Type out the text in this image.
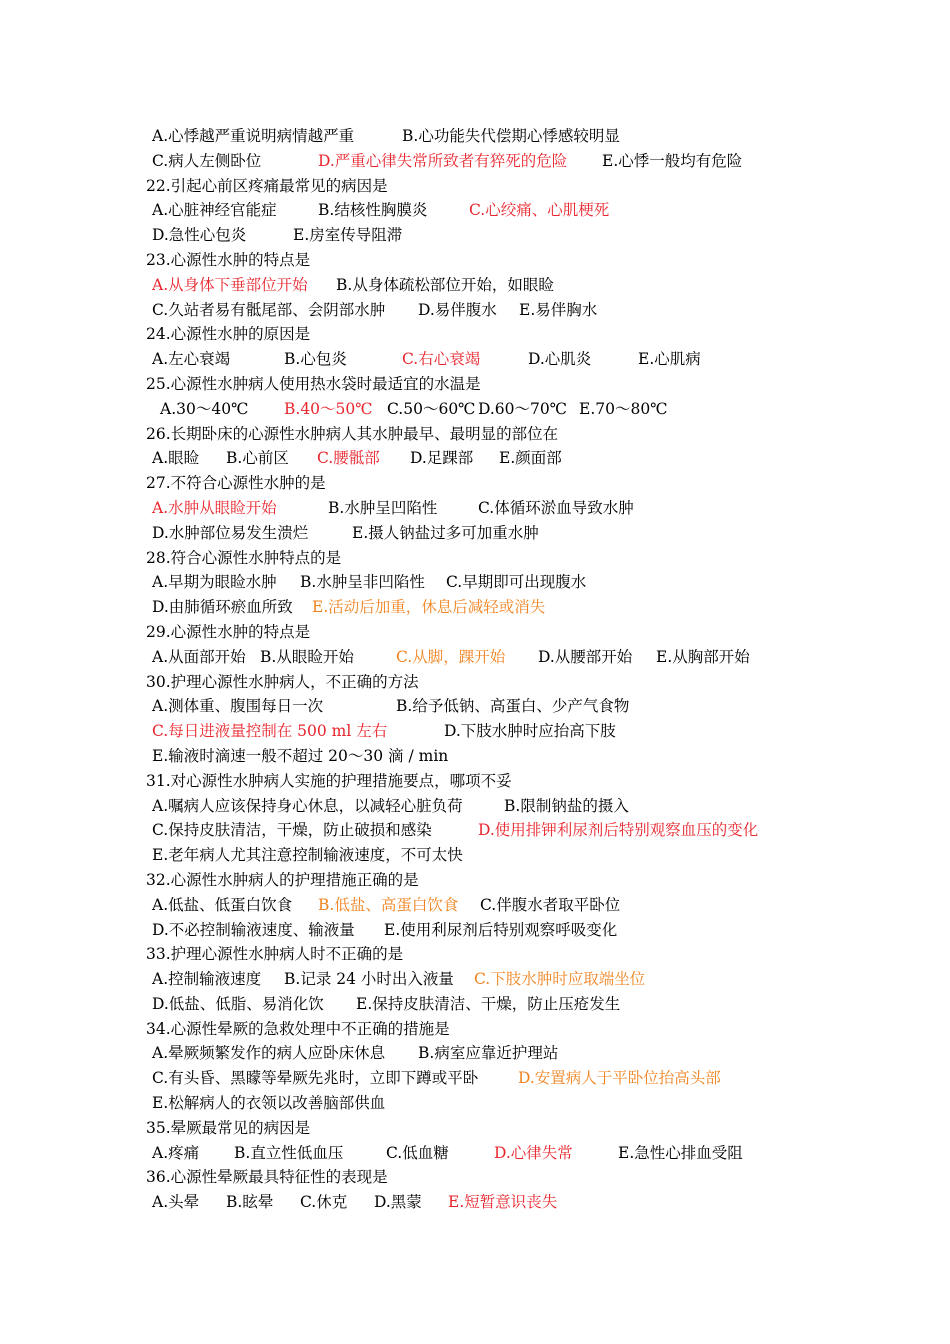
A.心悸越严重说明病情越严重	B.心功能失代偿期心悸感较明显
C.病人左侧卧位	D.严重心律失常所致者有猝死的危险 E.心悸一般均有危险
22.引起心前区疼痛最常见的病因是
A.心脏神经官能症	B.结核性胸膜炎	C.心绞痛、心肌梗死
D.急性心包炎	E.房室传导阻滞
23.心源性水肿的特点是
A.从身体下垂部位开始 B.从身体疏松部位开始，如眼睑
C.久站者易有骶尾部、会阴部水肿 D.易伴腹水 E.易伴胸水
24.心源性水肿的原因是
A.左心衰竭	B.心包炎	C.右心衰竭	D.心肌炎	E.心肌病
25.心源性水肿病人使用热水袋时最适宜的水温是
A.30～40℃ B.40～50℃ C.50～60℃ D.60～70℃ E.70～80℃
26.长期卧床的心源性水肿病人其水肿最早、最明显的部位在
A.眼睑 B.心前区 C.腰骶部 D.足踝部 E.颜面部
27.不符合心源性水肿的是
A.水肿从眼睑开始	B.水肿呈凹陷性	C.体循环淤血导致水肿
D.水肿部位易发生溃烂	E.摄人钠盐过多可加重水肿
28.符合心源性水肿特点的是
A.早期为眼睑水肿 B.水肿呈非凹陷性 C.早期即可出现腹水
D.由肺循环瘀血所致 E.活动后加重，休息后减轻或消失
29.心源性水肿的特点是
A.从面部开始 B.从眼睑开始	C.从脚，踝开始 D.从腰部开始 E.从胸部开始
30.护理心源性水肿病人，不正确的方法
A.测体重、腹围每日一次	B.给予低钠、高蛋白、少产气食物
C.每日进液量控制在 500 ml 左右	D.下肢水肿时应抬高下肢
E.输液时滴速一般不超过 20～30 滴 / min
31.对心源性水肿病人实施的护理措施要点，哪项不妥
A.嘱病人应该保持身心休息，以减轻心脏负荷	B.限制钠盐的摄入
C.保持皮肤清洁，干燥，防止破损和感染	D.使用排钾利尿剂后特别观察血压的变化
E.老年病人尤其注意控制输液速度，不可太快
32.心源性水肿病人的护理措施正确的是
A.低盐、低蛋白饮食 B.低盐、高蛋白饮食 C.伴腹水者取平卧位
D.不必控制输液速度、输液量 E.使用利尿剂后特别观察呼吸变化
33.护理心源性水肿病人时不正确的是
A.控制输液速度 B.记录 24 小时出入液量 C.下肢水肿时应取端坐位
D.低盐、低脂、易消化饮 E.保持皮肤清洁、干燥，防止压疮发生
34.心源性晕厥的急救处理中不正确的措施是
A.晕厥频繁发作的病人应卧床休息 B.病室应靠近护理站
C.有头昏、黑矇等晕厥先兆时，立即下蹲或平卧	D.安置病人于平卧位抬高头部
E.松解病人的衣领以改善脑部供血
35.晕厥最常见的病因是
A.疼痛 B.直立性低血压	C.低血糖	D.心律失常	E.急性心排血受阻
36.心源性晕厥最具特征性的表现是
A.头晕 B.眩晕 C.休克 D.黑蒙 E.短暂意识丧失
